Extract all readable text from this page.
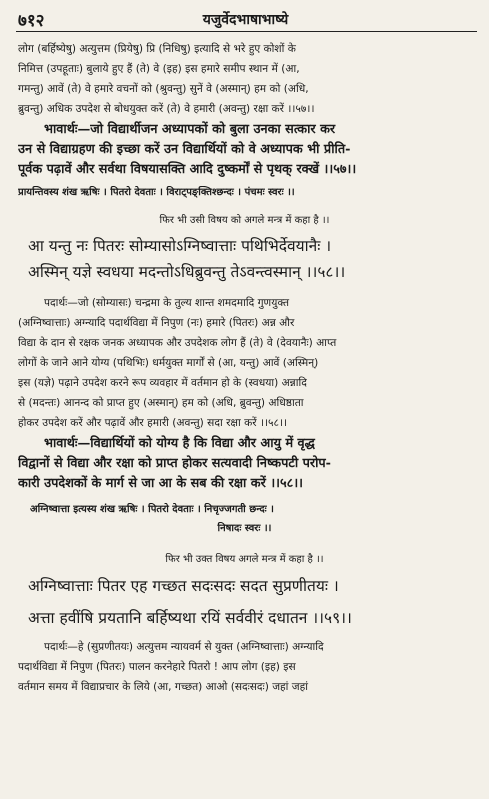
७१२	यजुर्वेदभाषाभाष्ये
लोग (बर्हिष्येषु) अत्युत्तम (प्रियेषु) प्रि (निधिषु) इत्यादि से भरे हुए कोशों के
निमित्त (उपहूताः) बुलाये हुए हैं (ते) वे (इह) इस हमारे समीप स्थान में (आ,
गमन्तु) आवें (ते) वे हमारे वचनों को (श्रुवन्तु) सुनें वे (अस्मान्) हम को (अधि,
ब्रुवन्तु) अधिक उपदेश से बोधयुक्त करें (ते) वे हमारी (अवन्तु) रक्षा करें ।।५७।।
भावार्थः—जो विद्यार्थीजन अध्यापकों को बुला उनका सत्कार कर
उन से विद्याग्रहण की इच्छा करें उन विद्यार्थियों को वे अध्यापक भी प्रीति-
पूर्वक पढ़ावें और सर्वथा विषयासक्ति आदि दुष्कर्मों से पृथक् रक्खें ।।५७।।
प्रायन्तिवस्य शंख ऋषिः । पितरो देवताः । विराट्पङ्क्तिश्छन्दः । पंचमः स्वरः ।।
फिर भी उसी विषय को अगले मन्त्र में कहा है ।।
आ यन्तु नः पितरः सोम्यासोऽग्निष्वात्ताः पथिभिर्देवयानैः ।
अस्मिन् यज्ञे स्वधया मदन्तोऽधिब्रुवन्तु तेऽवन्त्वस्मान् ।।५८।।
पदार्थः—जो (सोम्यासः) चन्द्रमा के तुल्य शान्त शमदमादि गुणयुक्त
(अग्निष्वात्ताः) अग्न्यादि पदार्थविद्या में निपुण (नः) हमारे (पितरः) अन्न और
विद्या के दान से रक्षक जनक अध्यापक और उपदेशक लोग हैं (ते) वे (देवयानैः) आप्त
लोगों के जाने आने योग्य (पथिभिः) धर्मयुक्त मार्गों से (आ, यन्तु) आवें (अस्मिन्)
इस (यज्ञे) पढ़ाने उपदेश करने रूप व्यवहार में वर्तमान हो के (स्वधया) अन्नादि
से (मदन्तः) आनन्द को प्राप्त हुए (अस्मान्) हम को (अधि, ब्रुवन्तु) अधिष्ठाता
होकर उपदेश करें और पढ़ावें और हमारी (अवन्तु) सदा रक्षा करें ।।५८।।
भावार्थः—विद्यार्थियों को योग्य है कि विद्या और आयु में वृद्ध
विद्वानों से विद्या और रक्षा को प्राप्त होकर सत्यवादी निष्कपटी परोप-
कारी उपदेशकों के मार्ग से जा आ के सब की रक्षा करें ।।५८।।
अग्निष्वात्ता इत्यस्य शंख ऋषिः । पितरो देवताः । निचृज्जगती छन्दः ।
निषादः स्वरः ।।
फिर भी उक्त विषय अगले मन्त्र में कहा है ।।
अग्निष्वात्ताः पितर एह गच्छत सदःसदः सदत सुप्रणीतयः ।
अत्ता हवींषि प्रयतानि बर्हिष्यथा रयिं सर्ववीरं दधातन ।।५९।।
पदार्थः—हे (सुप्रणीतयः) अत्युत्तम न्यायवर्म से युक्त (अग्निष्वात्ताः) अग्न्यादि
पदार्थविद्या में निपुण (पितरः) पालन करनेहारे पितरो ! आप लोग (इह) इस
वर्तमान समय में विद्याप्रचार के लिये (आ, गच्छत) आओ (सदःसदः) जहां जहां
